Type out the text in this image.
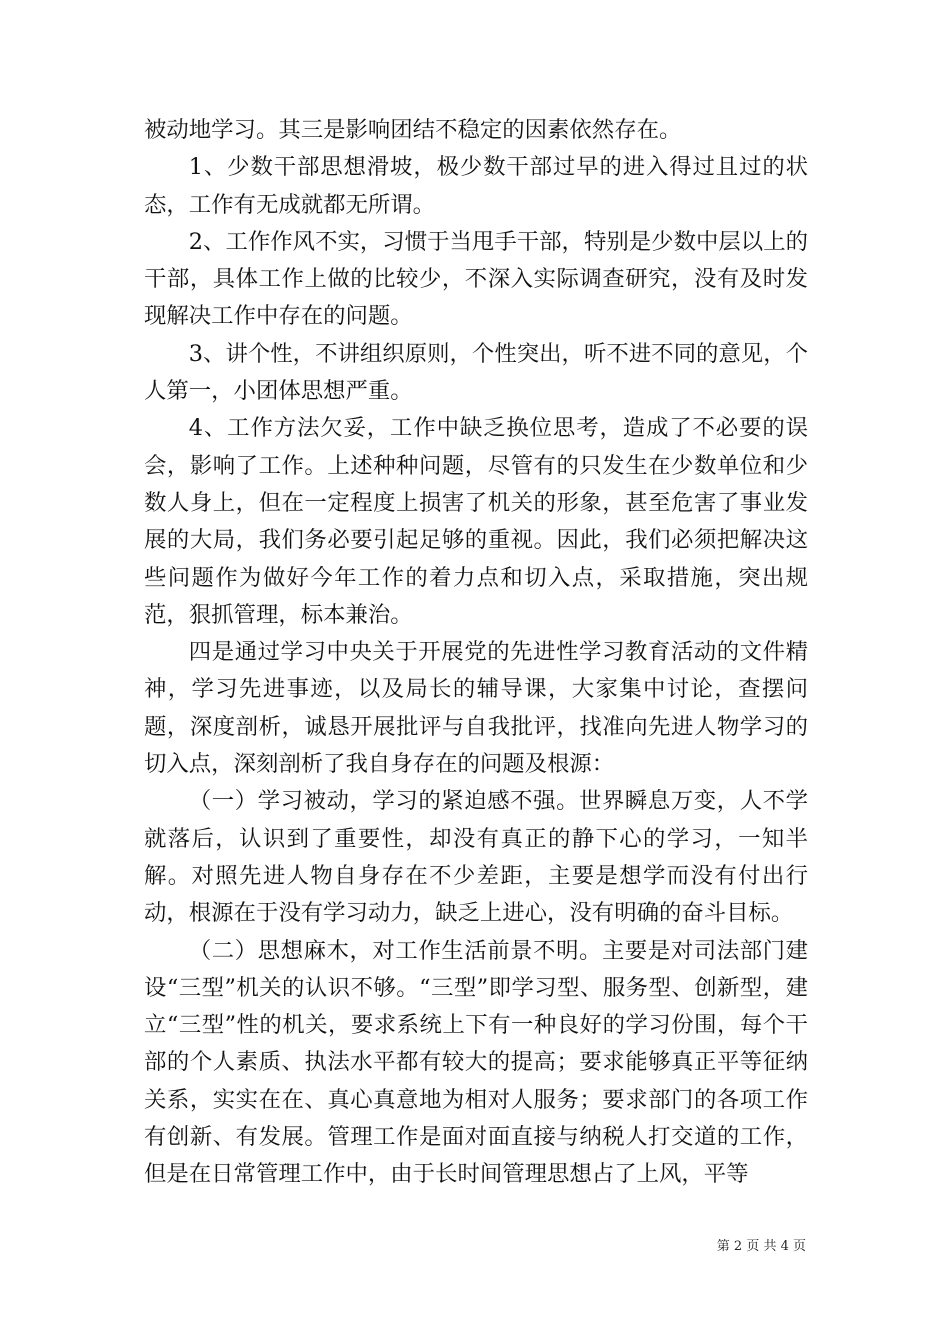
被动地学习。其三是影响团结不稳定的因素依然存在。

1、少数干部思想滑坡，极少数干部过早的进入得过且过的状态，工作有无成就都无所谓。

2、工作作风不实，习惯于当甩手干部，特别是少数中层以上的干部，具体工作上做的比较少，不深入实际调查研究，没有及时发现解决工作中存在的问题。

3、讲个性，不讲组织原则，个性突出，听不进不同的意见，个人第一，小团体思想严重。

4、工作方法欠妥，工作中缺乏换位思考，造成了不必要的误会，影响了工作。上述种种问题，尽管有的只发生在少数单位和少数人身上，但在一定程度上损害了机关的形象，甚至危害了事业发展的大局，我们务必要引起足够的重视。因此，我们必须把解决这些问题作为做好今年工作的着力点和切入点，采取措施，突出规范，狠抓管理，标本兼治。

四是通过学习中央关于开展党的先进性学习教育活动的文件精神，学习先进事迹，以及局长的辅导课，大家集中讨论，查摆问题，深度剖析，诚恳开展批评与自我批评，找准向先进人物学习的切入点，深刻剖析了我自身存在的问题及根源：

（一）学习被动，学习的紧迫感不强。世界瞬息万变，人不学就落后，认识到了重要性，却没有真正的静下心的学习，一知半解。对照先进人物自身存在不少差距，主要是想学而没有付出行动，根源在于没有学习动力，缺乏上进心，没有明确的奋斗目标。

（二）思想麻木，对工作生活前景不明。主要是对司法部门建设“三型”机关的认识不够。“三型”即学习型、服务型、创新型，建立“三型”性的机关，要求系统上下有一种良好的学习份围，每个干部的个人素质、执法水平都有较大的提高；要求能够真正平等征纳关系，实实在在、真心真意地为相对人服务；要求部门的各项工作有创新、有发展。管理工作是面对面直接与纳税人打交道的工作，但是在日常管理工作中，由于长时间管理思想占了上风，平等

第 2 页 共 4 页
